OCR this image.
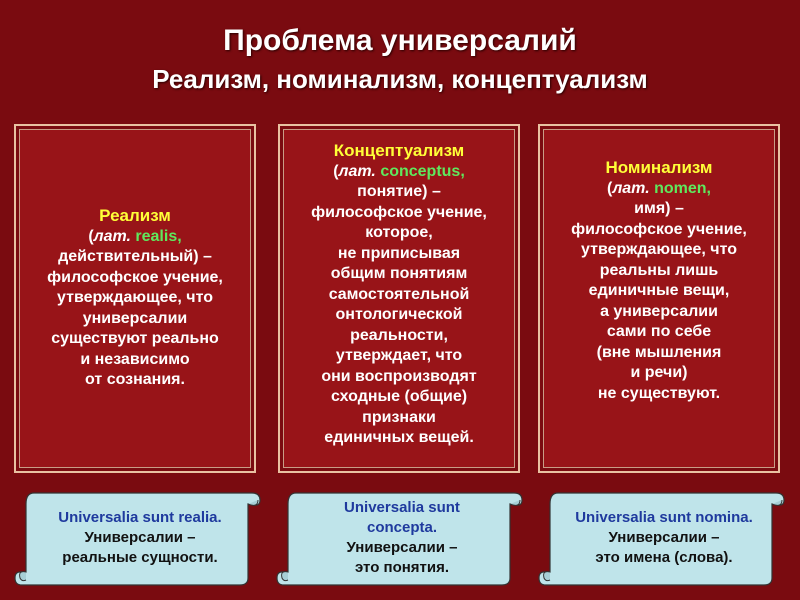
Проблема универсалий
Реализм, номинализм, концептуализм
Реализм
(лат. realis,
действительный) –
философское учение,
утверждающее, что
универсалии
существуют реально
и независимо
от сознания.
Концептуализм
(лат. conceptus,
понятие) –
философское учение,
которое,
не приписывая
общим понятиям
самостоятельной
онтологической
реальности,
утверждает, что
они воспроизводят
сходные (общие)
признаки
единичных вещей.
Номинализм
(лат. nomen,
имя) –
философское учение,
утверждающее, что
реальны лишь
единичные вещи,
а универсалии
сами по себе
(вне мышления
и речи)
не существуют.
Universalia sunt realia.
Универсалии –
реальные сущности.
Universalia sunt
concepta.
Универсалии –
это понятия.
Universalia sunt nomina.
Универсалии –
это имена (слова).
